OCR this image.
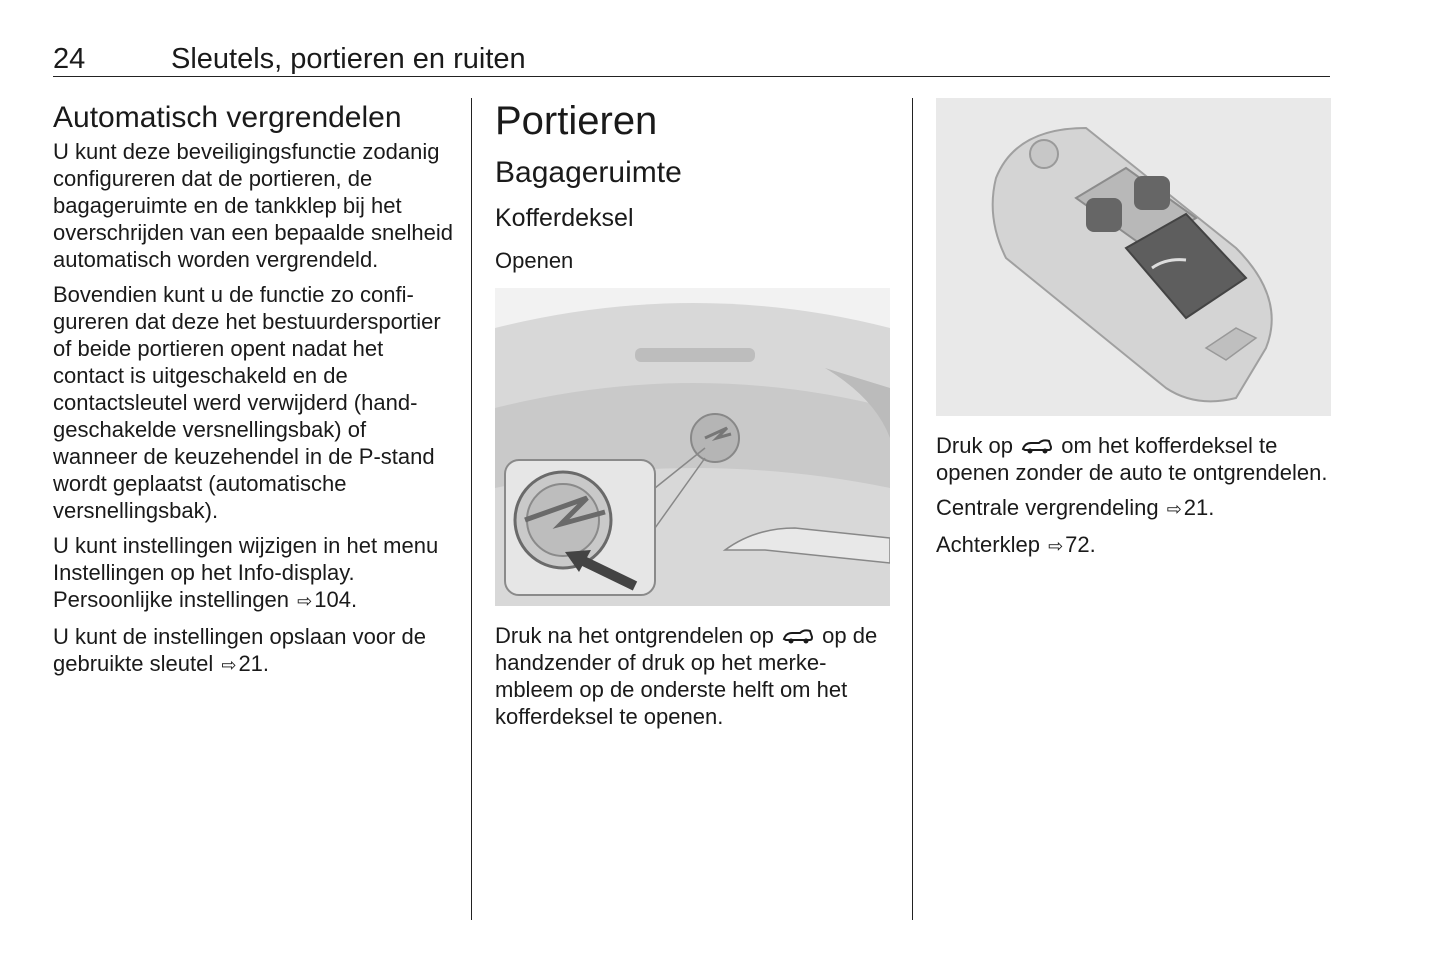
24	Sleutels, portieren en ruiten
Automatisch vergrendelen

U kunt deze beveiligingsfunctie zodanig configureren dat de portieren, de bagageruimte en de tankklep bij het overschrijden van een bepaalde snelheid automatisch worden vergrendeld.

Bovendien kunt u de functie zo configureren dat deze het bestuurdersportier of beide portieren opent nadat het contact is uitgeschakeld en de contactsleutel werd verwijderd (handgeschakelde versnellingsbak) of wanneer de keuzehendel in de P-stand wordt geplaatst (automatische versnellingsbak).

U kunt instellingen wijzigen in het menu Instellingen op het Info-display. Persoonlijke instellingen ⇨104.

U kunt de instellingen opslaan voor de gebruikte sleutel ⇨21.

Portieren
Bagageruimte
Kofferdeksel
Openen

Druk na het ontgrendelen op op de handzender of druk op het merkembleem op de onderste helft om het kofferdeksel te openen.

Druk op om het kofferdeksel te openen zonder de auto te ontgrendelen.

Centrale vergrendeling ⇨21.

Achterklep ⇨72.
